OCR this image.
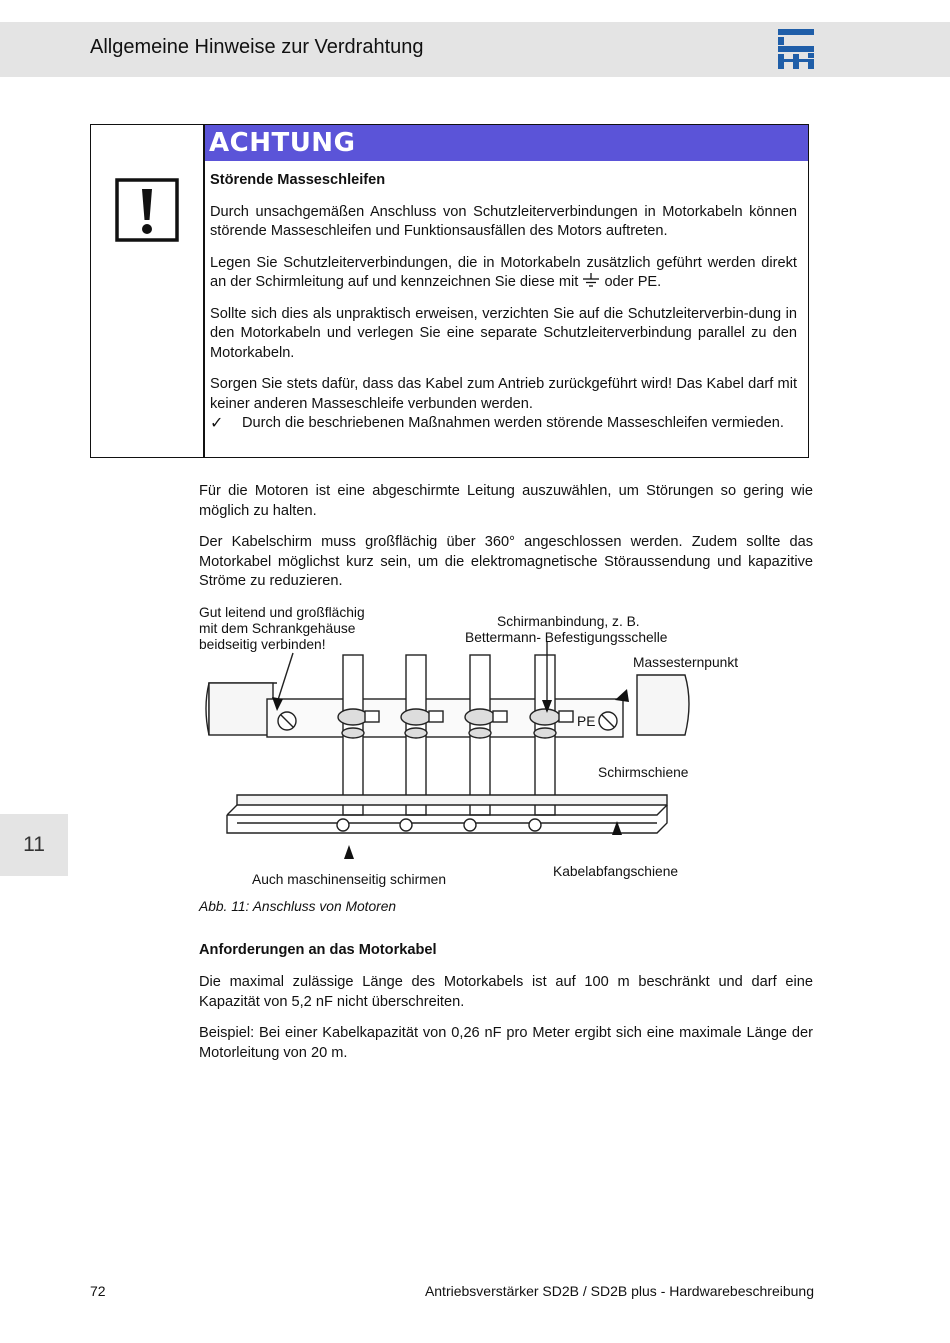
Allgemeine Hinweise zur Verdrahtung
ACHTUNG
Störende Masseschleifen

Durch unsachgemäßen Anschluss von Schutzleiterverbindungen in Motorkabeln können störende Masseschleifen und Funktionsausfällen des Motors auftreten.

Legen Sie Schutzleiterverbindungen, die in Motorkabeln zusätzlich geführt werden direkt an der Schirmleitung auf und kennzeichnen Sie diese mit oder PE.

Sollte sich dies als unpraktisch erweisen, verzichten Sie auf die Schutzleiterverbin-dung in den Motorkabeln und verlegen Sie eine separate Schutzleiterverbindung parallel zu den Motorkabeln.

Sorgen Sie stets dafür, dass das Kabel zum Antrieb zurückgeführt wird! Das Kabel darf mit keiner anderen Masseschleife verbunden werden.

✓	Durch die beschriebenen Maßnahmen werden störende Masseschleifen vermieden.

Für die Motoren ist eine abgeschirmte Leitung auszuwählen, um Störungen so gering wie möglich zu halten.

Der Kabelschirm muss großflächig über 360° angeschlossen werden. Zudem sollte das Motorkabel möglichst kurz sein, um die elektromagnetische Störaussendung und kapazitive Ströme zu reduzieren.

Gut leitend und großflächig
mit dem Schrankgehäuse
beidseitig verbinden!
Schirmanbindung, z. B.
Bettermann- Befestigungsschelle
Massesternpunkt
PE
Schirmschiene
Auch maschinenseitig schirmen
Kabelabfangschiene
Abb. 11: Anschluss von Motoren
Anforderungen an das Motorkabel

Die maximal zulässige Länge des Motorkabels ist auf 100 m beschränkt und darf eine Kapazität von 5,2 nF nicht überschreiten.

Beispiel: Bei einer Kabelkapazität von 0,26 nF pro Meter ergibt sich eine maximale Länge der Motorleitung von 20 m.

11
72	Antriebsverstärker SD2B / SD2B plus - Hardwarebeschreibung
